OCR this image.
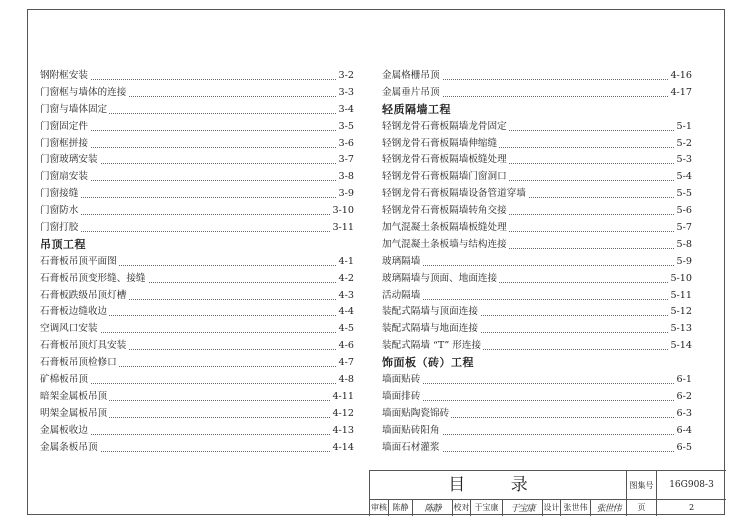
钢附框安装	3-2
门窗框与墙体的连接	3-3
门窗与墙体固定	3-4
门窗固定件	3-5
门窗框拼接	3-6
门窗玻璃安装	3-7
门窗扇安装	3-8
门窗接缝	3-9
门窗防水	3-10
门窗打胶	3-11
吊顶工程
石膏板吊顶平面图	4-1
石膏板吊顶变形缝、接缝	4-2
石膏板跌级吊顶灯槽	4-3
石膏板边缝收边	4-4
空调风口安装	4-5
石膏板吊顶灯具安装	4-6
石膏板吊顶检修口	4-7
矿棉板吊顶	4-8
暗架金属板吊顶	4-11
明架金属板吊顶	4-12
金属板收边	4-13
金属条板吊顶	4-14
金属格栅吊顶	4-16
金属垂片吊顶	4-17
轻质隔墙工程
轻钢龙骨石膏板隔墙龙骨固定	5-1
轻钢龙骨石膏板隔墙伸缩缝	5-2
轻钢龙骨石膏板隔墙板缝处理	5-3
轻钢龙骨石膏板隔墙门窗洞口	5-4
轻钢龙骨石膏板隔墙设备管道穿墙	5-5
轻钢龙骨石膏板隔墙转角交接	5-6
加气混凝土条板隔墙板缝处理	5-7
加气混凝土条板墙与结构连接	5-8
玻璃隔墙	5-9
玻璃隔墙与顶面、地面连接	5-10
活动隔墙	5-11
装配式隔墙与顶面连接	5-12
装配式隔墙与地面连接	5-13
装配式隔墙 “T” 形连接	5-14
饰面板（砖）工程
墙面贴砖	6-1
墙面排砖	6-2
墙面贴陶瓷锦砖	6-3
墙面贴砖阳角	6-4
墙面石材灌浆	6-5
目 录	图集号	16G908-3
审核 陈静	陈静	校对 于宝康	于宝康	设计 张世伟 张世伟	页	2
